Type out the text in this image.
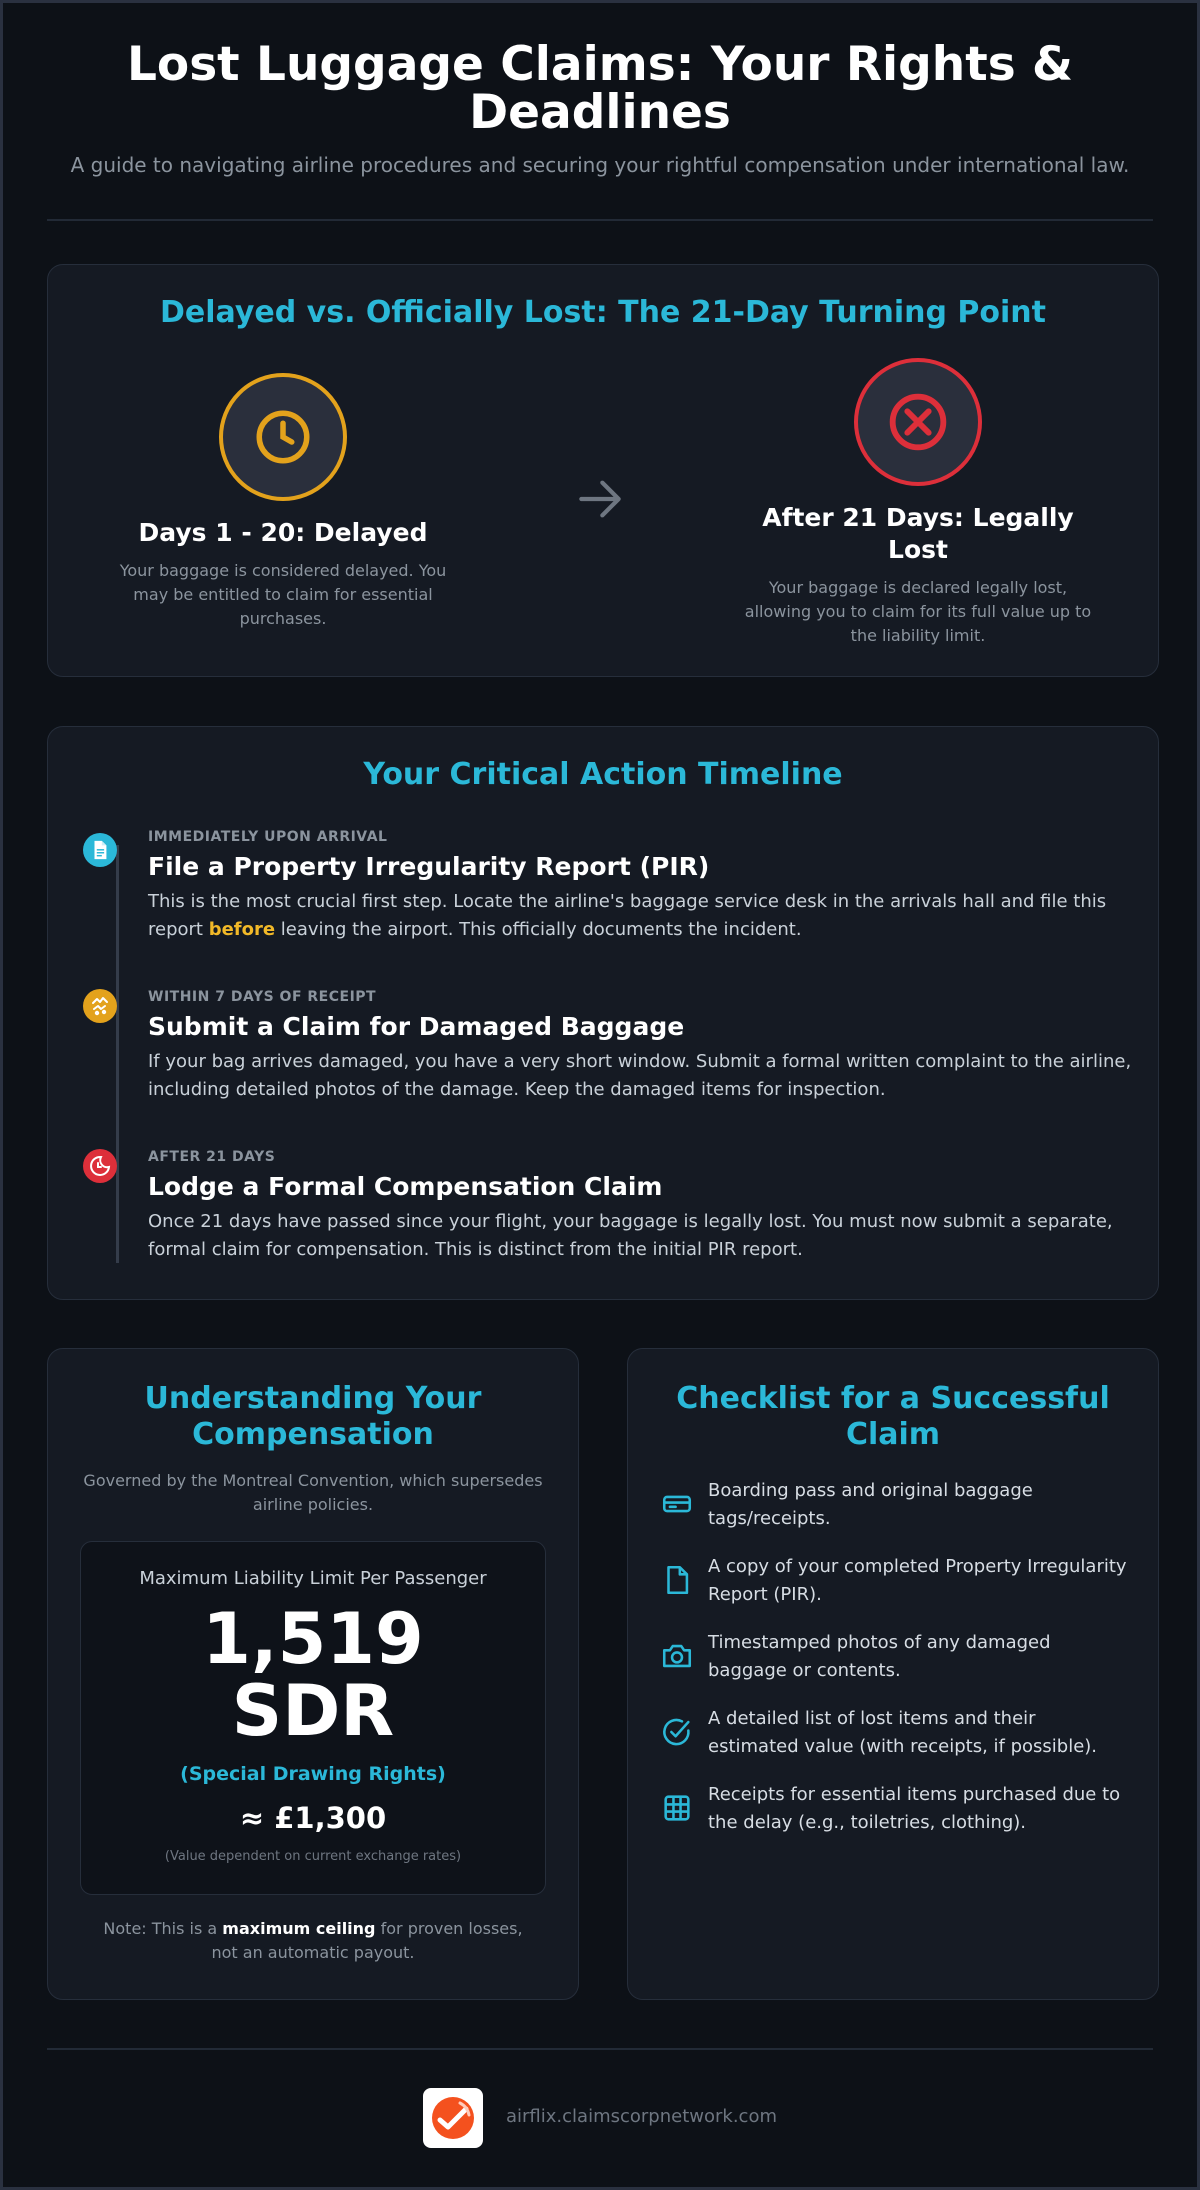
Lost Luggage Claims: Your Rights & Deadlines

A guide to navigating airline procedures and securing your rightful compensation under international law.

Delayed vs. Officially Lost: The 21-Day Turning Point
Days 1 - 20: Delayed
Your baggage is considered delayed. You may be entitled to claim for essential purchases.
After 21 Days: Legally Lost
Your baggage is declared legally lost, allowing you to claim for its full value up to the liability limit.
Your Critical Action Timeline
IMMEDIATELY UPON ARRIVAL
File a Property Irregularity Report (PIR)
This is the most crucial first step. Locate the airline's baggage service desk in the arrivals hall and file this report before leaving the airport. This officially documents the incident.
WITHIN 7 DAYS OF RECEIPT
Submit a Claim for Damaged Baggage
If your bag arrives damaged, you have a very short window. Submit a formal written complaint to the airline, including detailed photos of the damage. Keep the damaged items for inspection.
AFTER 21 DAYS
Lodge a Formal Compensation Claim
Once 21 days have passed since your flight, your baggage is legally lost. You must now submit a separate, formal claim for compensation. This is distinct from the initial PIR report.
Understanding Your Compensation

Governed by the Montreal Convention, which supersedes airline policies.

Maximum Liability Limit Per Passenger
1,519
SDR
(Special Drawing Rights)
≈ £1,300
(Value dependent on current exchange rates)

Note: This is a maximum ceiling for proven losses, not an automatic payout.

Checklist for a Successful Claim
Boarding pass and original baggage tags/receipts.
A copy of your completed Property Irregularity Report (PIR).
Timestamped photos of any damaged baggage or contents.
A detailed list of lost items and their estimated value (with receipts, if possible).
Receipts for essential items purchased due to the delay (e.g., toiletries, clothing).
airflix.claimscorpnetwork.com
